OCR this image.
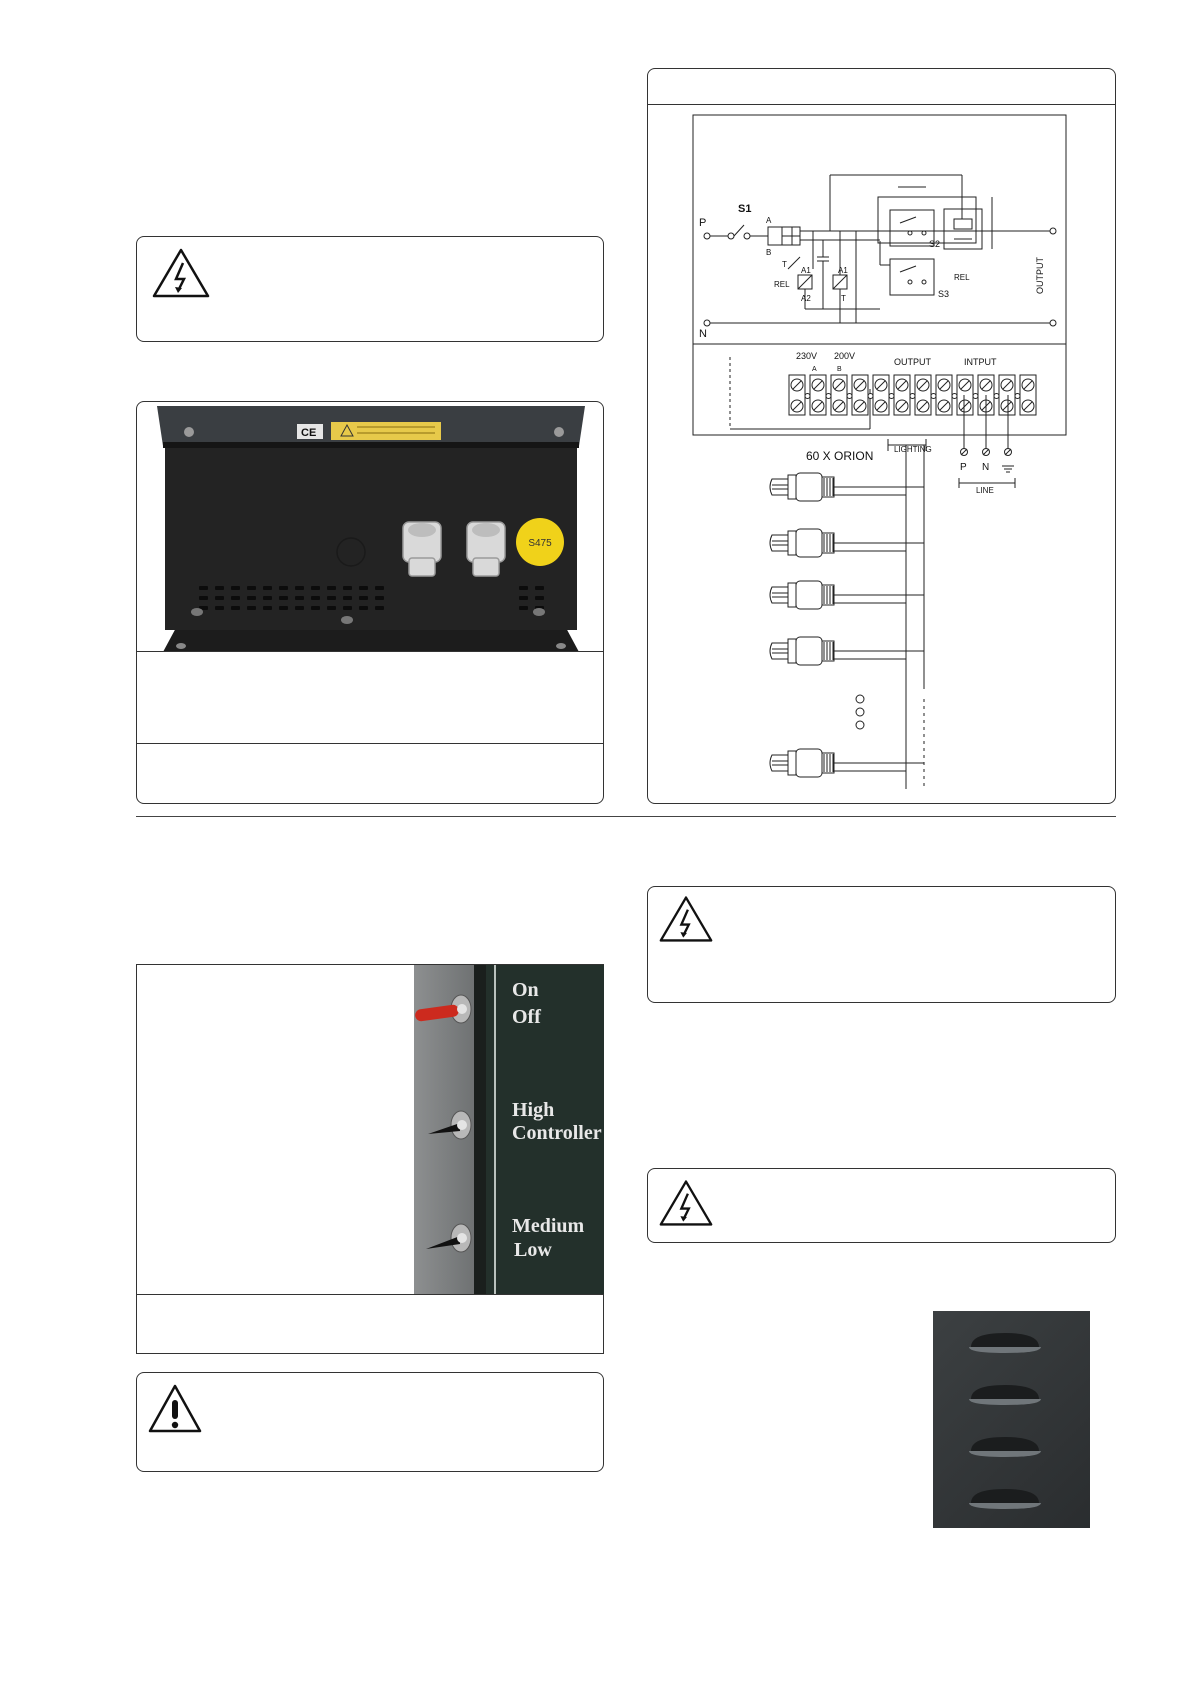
CE
S475
P
N
S1
A
B
T
A1
A2
REL
A1
T
S2
S3
REL	OUTPUT
230V 200V
A	B
OUTPUT	INTPUT
60 X ORION	LIGHTING
P N
LINE
On
Off
High
Controller
Medium
Low
